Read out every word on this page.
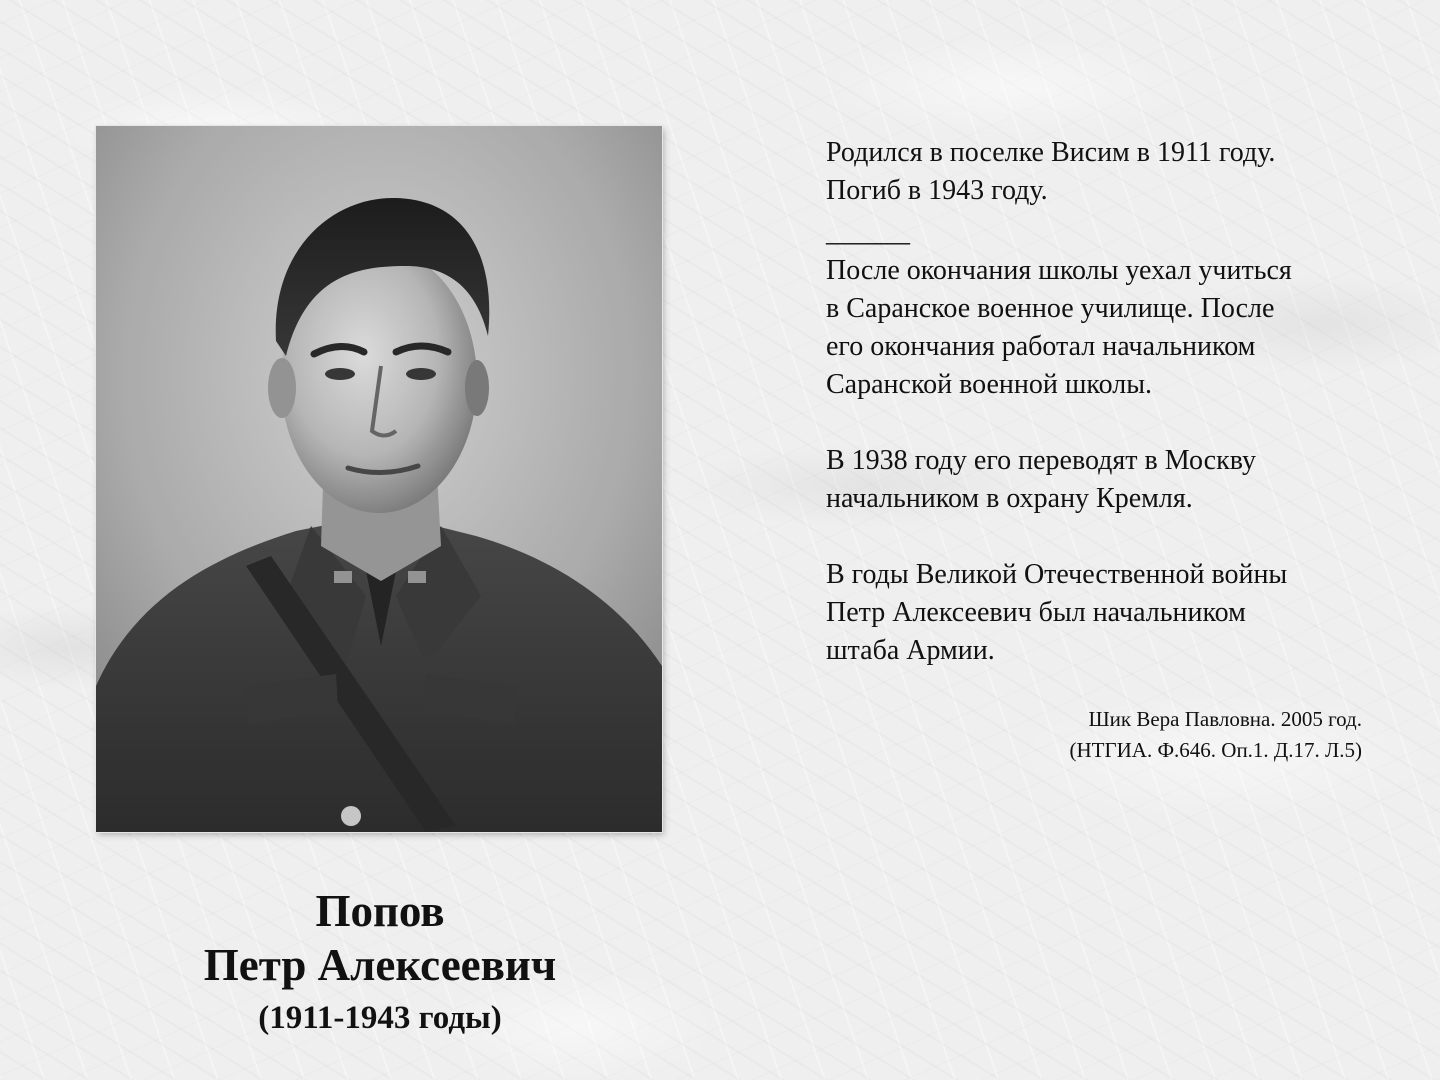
Попов
Петр Алексеевич
(1911-1943 годы)

Родился в поселке Висим в 1911 году.

Погиб в 1943 году.

______

После окончания школы уехал учиться

в Саранское военное училище. После

его окончания работал начальником

Саранской военной школы.

В 1938 году его переводят в Москву

начальником в охрану Кремля.

В годы Великой Отечественной войны

Петр Алексеевич был начальником

штаба Армии.

Шик Вера Павловна. 2005 год.

(НТГИА. Ф.646. Оп.1. Д.17. Л.5)
